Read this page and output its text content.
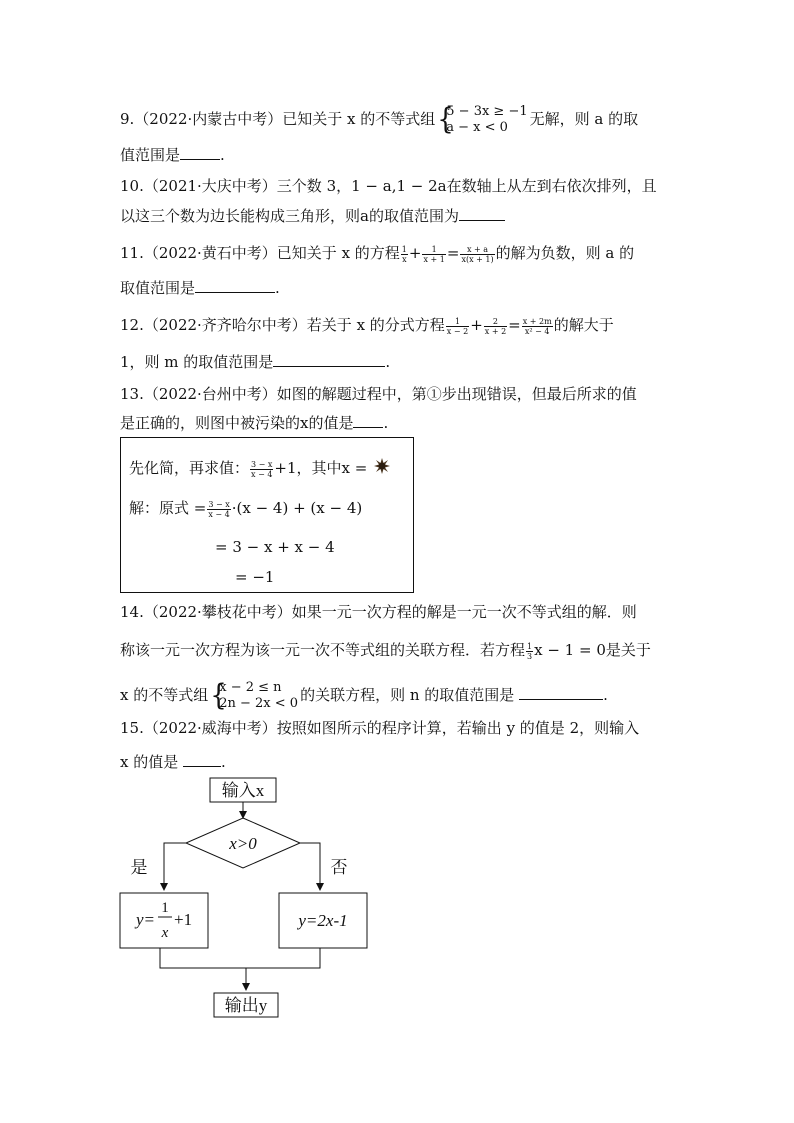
9.（2022·内蒙古中考）已知关于 x 的不等式组 {
5 − 3x ≥ −1
a − x < 0	无解，则 a 的取
值范围是	.
10.（2021·大庆中考）三个数 3，1 − a,1 − 2a在数轴上从左到右依次排列，且
以这三个数为边长能构成三角形，则a的取值范围为
11.（2022·黄石中考）已知关于 x 的方程 $\frac{1}{x} + \frac{1}{x + 1} = \frac{x + a}{x(x + 1)}$ 的解为负数，则 a 的
取值范围是	.
12.（2022·齐齐哈尔中考）若关于 x 的分式方程 $\frac{1}{x - 2} + \frac{2}{x + 2} = \frac{x + 2m}{\text{x² − 4}}$ 的解大于
1，则 m 的取值范围是	.
13.（2022·台州中考）如图的解题过程中，第①步出现错误，但最后所求的值
是正确的，则图中被污染的x的值是 .
先化简，再求值： $\frac{3 - x}{x - 4} +1$，其中x =
解：原式 = $\frac{3 - x}{x - 4} \cdot(x - 4) + (x - 4)$
= 3 − x + x − 4
= −1
14.（2022·攀枝花中考）如果一元一次方程的解是一元一次不等式组的解．则
称该一元一次方程为该一元一次不等式组的关联方程．若方程 $\frac{1}{3}$ x − 1 = 0是关于
x 的不等式组 {
x − 2 ≤ n
2n − 2x < 0 的关联方程，则 n 的取值范围是	.
15.（2022·威海中考）按照如图所示的程序计算，若输出 y 的值是 2，则输入
x 的值是	.
输入x
x>0
是	否
y=
1
x
+1	y=2x-1
输出y
